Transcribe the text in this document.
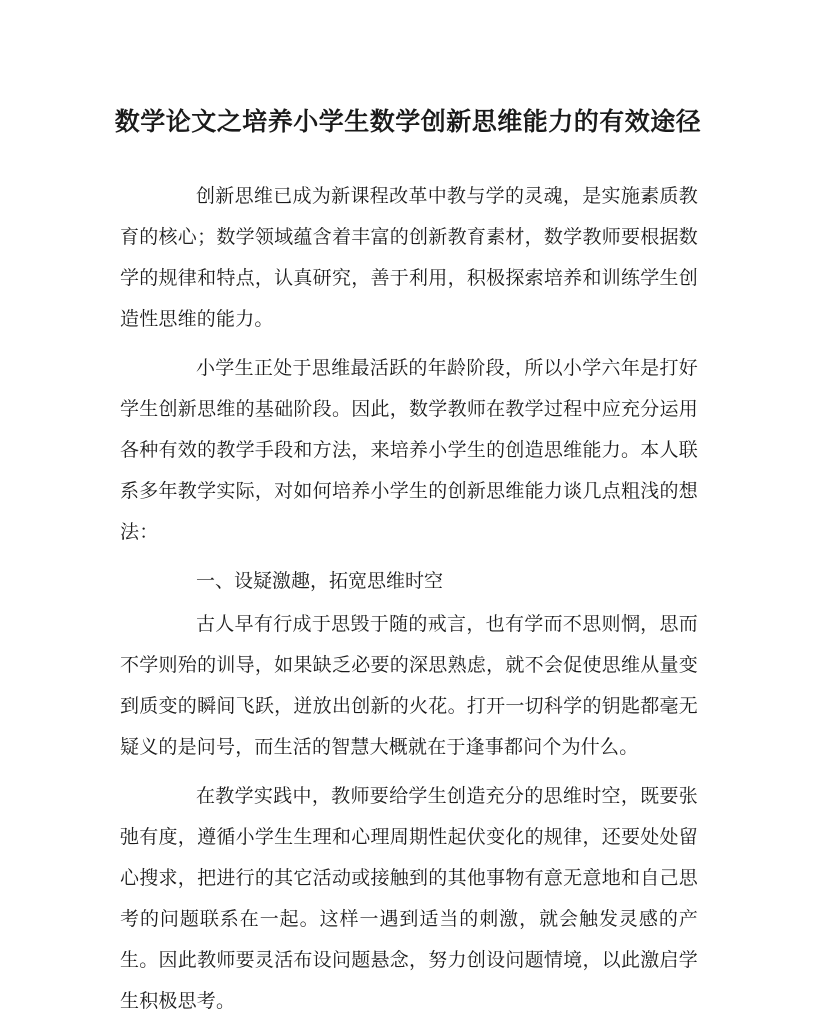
数学论文之培养小学生数学创新思维能力的有效途径

创新思维已成为新课程改革中教与学的灵魂，是实施素质教育的核心；数学领域蕴含着丰富的创新教育素材，数学教师要根据数学的规律和特点，认真研究，善于利用，积极探索培养和训练学生创造性思维的能力。

小学生正处于思维最活跃的年龄阶段，所以小学六年是打好学生创新思维的基础阶段。因此，数学教师在教学过程中应充分运用各种有效的教学手段和方法，来培养小学生的创造思维能力。本人联系多年教学实际，对如何培养小学生的创新思维能力谈几点粗浅的想法：

一、设疑激趣，拓宽思维时空

古人早有行成于思毁于随的戒言，也有学而不思则惘，思而不学则殆的训导，如果缺乏必要的深思熟虑，就不会促使思维从量变到质变的瞬间飞跃，迸放出创新的火花。打开一切科学的钥匙都毫无疑义的是问号，而生活的智慧大概就在于逢事都问个为什么。

在教学实践中，教师要给学生创造充分的思维时空，既要张弛有度，遵循小学生生理和心理周期性起伏变化的规律，还要处处留心搜求，把进行的其它活动或接触到的其他事物有意无意地和自己思考的问题联系在一起。这样一遇到适当的刺激，就会触发灵感的产生。因此教师要灵活布设问题悬念，努力创设问题情境，以此激启学生积极思考。
